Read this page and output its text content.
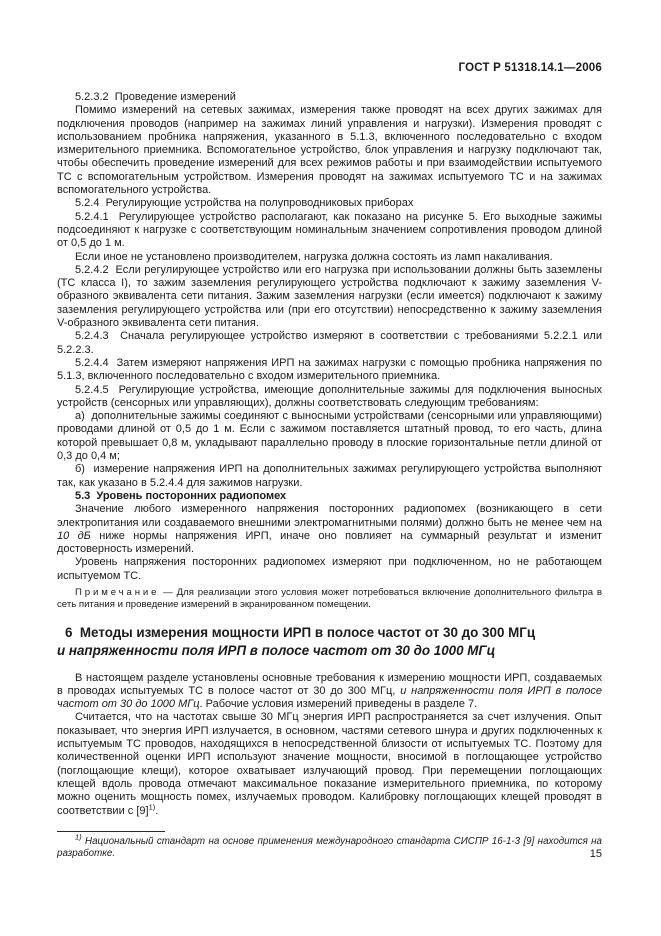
ГОСТ Р 51318.14.1—2006

5.2.3.2  Проведение измерений

Помимо измерений на сетевых зажимах, измерения также проводят на всех других зажимах для подключения проводов (например на зажимах линий управления и нагрузки). Измерения проводят с использованием пробника напряжения, указанного в 5.1.3, включенного последовательно с входом измерительного приемника. Вспомогательное устройство, блок управления и нагрузку подключают так, чтобы обеспечить проведение измерений для всех режимов работы и при взаимодействии испытуемого ТС с вспомогательным устройством. Измерения проводят на зажимах испытуемого ТС и на зажимах вспомогательного устройства.

5.2.4  Регулирующие устройства на полупроводниковых приборах

5.2.4.1  Регулирующее устройство располагают, как показано на рисунке 5. Его выходные зажимы подсоединяют к нагрузке с соответствующим номинальным значением сопротивления проводом длиной от 0,5 до 1 м.

Если иное не установлено производителем, нагрузка должна состоять из ламп накаливания.

5.2.4.2  Если регулирующее устройство или его нагрузка при использовании должны быть заземлены (ТС класса I), то зажим заземления регулирующего устройства подключают к зажиму заземления V-образного эквивалента сети питания. Зажим заземления нагрузки (если имеется) подключают к зажиму заземления регулирующего устройства или (при его отсутствии) непосредственно к зажиму заземления V-образного эквивалента сети питания.

5.2.4.3  Сначала регулирующее устройство измеряют в соответствии с требованиями 5.2.2.1 или 5.2.2.3.

5.2.4.4  Затем измеряют напряжения ИРП на зажимах нагрузки с помощью пробника напряжения по 5.1.3, включенного последовательно с входом измерительного приемника.

5.2.4.5  Регулирующие устройства, имеющие дополнительные зажимы для подключения выносных устройств (сенсорных или управляющих), должны соответствовать следующим требованиям:

а)  дополнительные зажимы соединяют с выносными устройствами (сенсорными или управляющими) проводами длиной от 0,5 до 1 м. Если с зажимом поставляется штатный провод, то его часть, длина которой превышает 0,8 м, укладывают параллельно проводу в плоские горизонтальные петли длиной от 0,3 до 0,4 м;

б)  измерение напряжения ИРП на дополнительных зажимах регулирующего устройства выполняют так, как указано в 5.2.4.4 для зажимов нагрузки.

5.3  Уровень посторонних радиопомех

Значение любого измеренного напряжения посторонних радиопомех (возникающего в сети электропитания или создаваемого внешними электромагнитными полями) должно быть не менее чем на 10 дБ ниже нормы напряжения ИРП, иначе оно повлияет на суммарный результат и изменит достоверность измерений.

Уровень напряжения посторонних радиопомех измеряют при подключенном, но не работающем испытуемом ТС.

Примечание — Для реализации этого условия может потребоваться включение дополнительного фильтра в сеть питания и проведение измерений в экранированном помещении.

6  Методы измерения мощности ИРП в полосе частот от 30 до 300 МГц
и напряженности поля ИРП в полосе частот от 30 до 1000 МГц

В настоящем разделе установлены основные требования к измерению мощности ИРП, создаваемых в проводах испытуемых ТС в полосе частот от 30 до 300 МГц, и напряженности поля ИРП в полосе частот от 30 до 1000 МГц. Рабочие условия измерений приведены в разделе 7.

Считается, что на частотах свыше 30 МГц энергия ИРП распространяется за счет излучения. Опыт показывает, что энергия ИРП излучается, в основном, частями сетевого шнура и других подключенных к испытуемым ТС проводов, находящихся в непосредственной близости от испытуемых ТС. Поэтому для количественной оценки ИРП используют значение мощности, вносимой в поглощающее устройство (поглощающие клещи), которое охватывает излучающий провод. При перемещении поглощающих клещей вдоль провода отмечают максимальное показание измерительного приемника, по которому можно оценить мощность помех, излучаемых проводом. Калибровку поглощающих клещей проводят в соответствии с $[9]^{1)}$.

$^{1)}$ Национальный стандарт на основе применения международного стандарта СИСПР 16-1-3 [9] находится на разработке.	15
